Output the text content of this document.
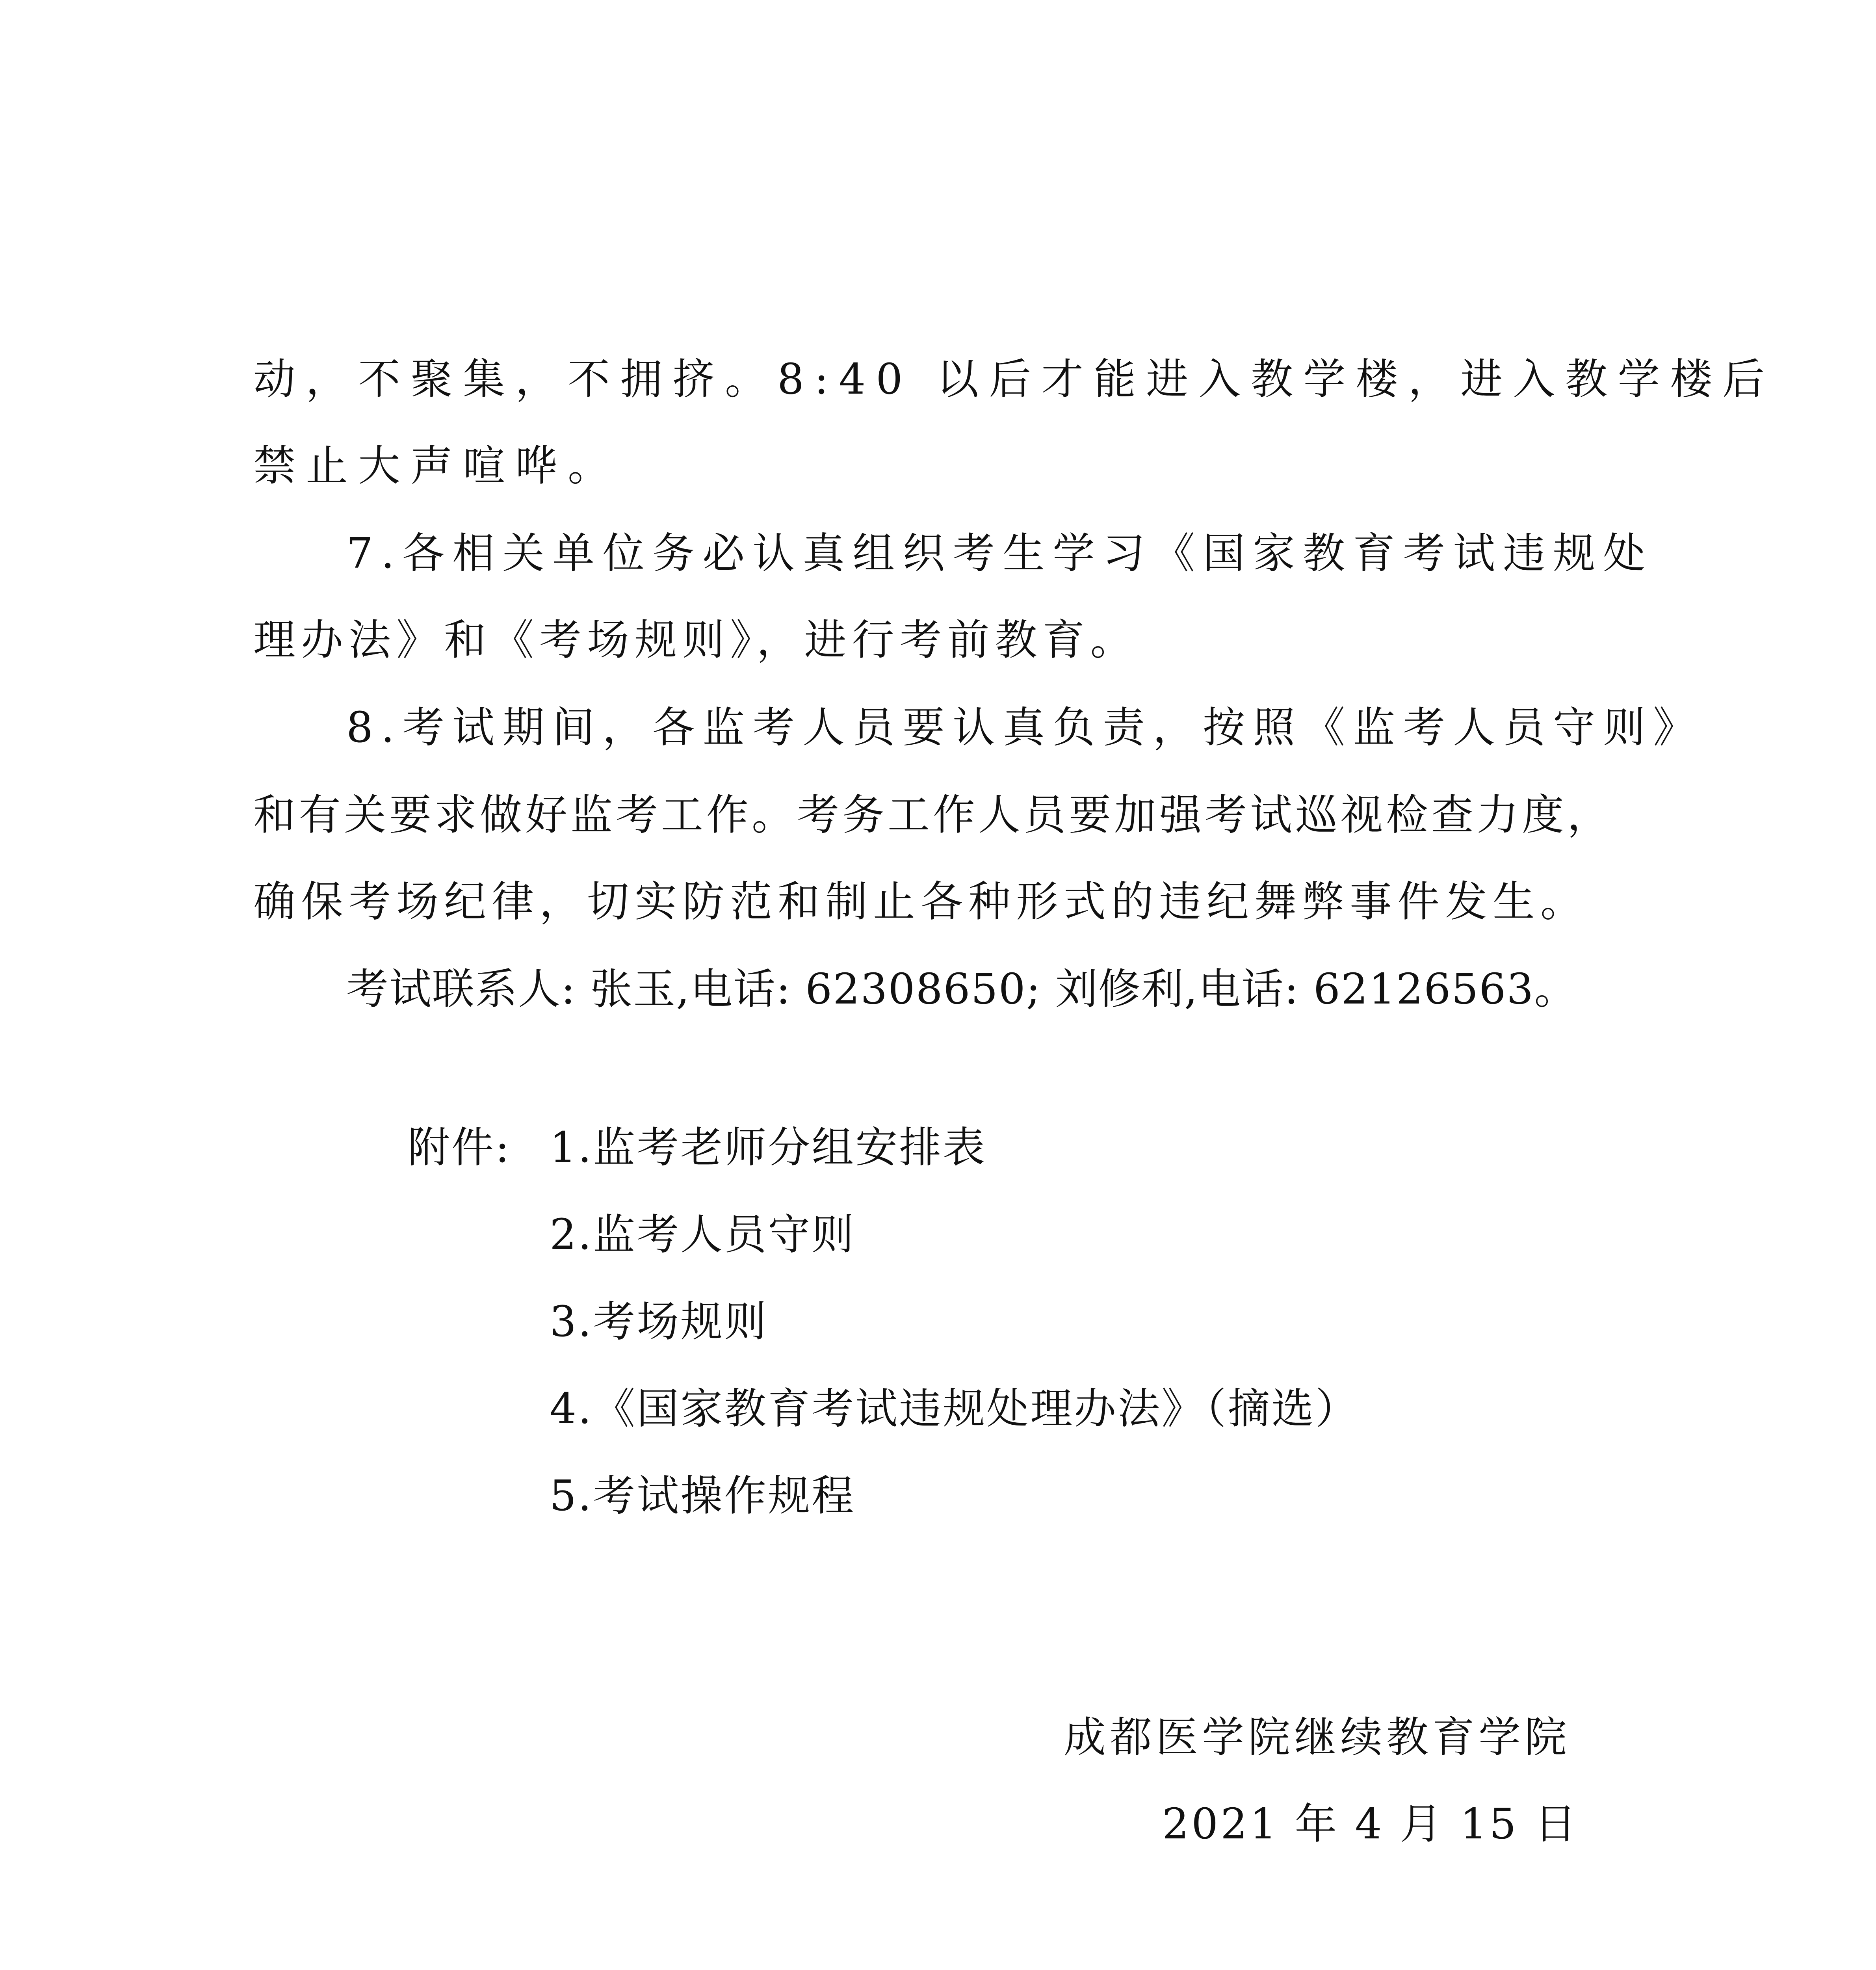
动，不聚集，不拥挤。8:40 以后才能进入教学楼，进入教学楼后

禁止大声喧哗。

7.各相关单位务必认真组织考生学习《国家教育考试违规处

理办法》和《考场规则》，进行考前教育。

8.考试期间，各监考人员要认真负责，按照《监考人员守则》

和有关要求做好监考工作。考务工作人员要加强考试巡视检查力度，

确保考场纪律，切实防范和制止各种形式的违纪舞弊事件发生。

考试联系人: 张玉,电话: 62308650; 刘修利,电话: 62126563。

附件: 1.监考老师分组安排表

2.监考人员守则

3.考场规则

4.《国家教育考试违规处理办法》（摘选）

5.考试操作规程

成都医学院继续教育学院

2021 年 4 月 15 日
